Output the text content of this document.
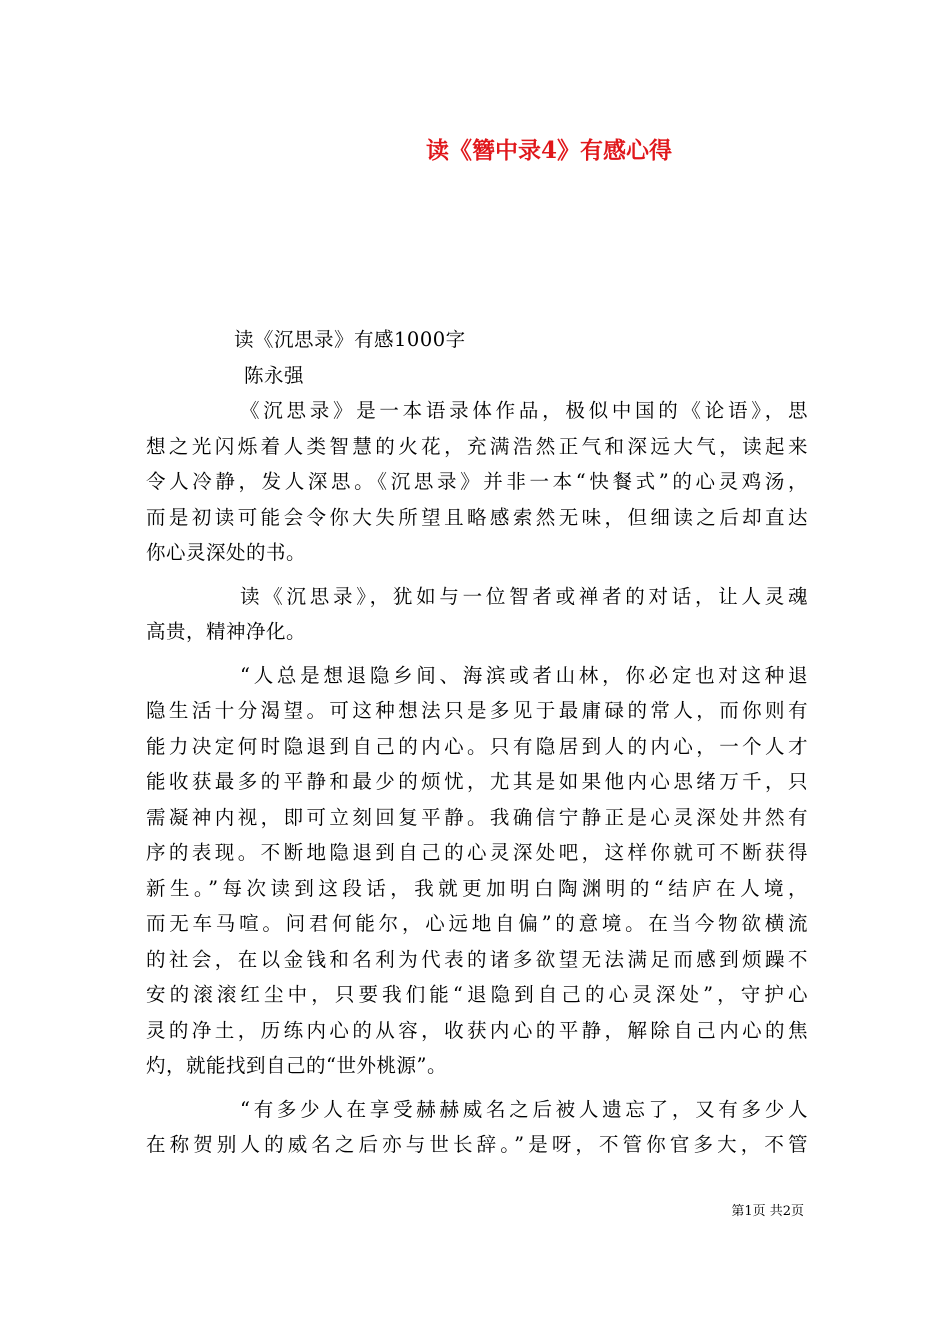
读《簪中录4》有感心得
读《沉思录》有感1000字
陈永强
《沉思录》是一本语录体作品，极似中国的《论语》，思
想之光闪烁着人类智慧的火花，充满浩然正气和深远大气，读起来
令人冷静，发人深思。《沉思录》并非一本“快餐式”的心灵鸡汤，
而是初读可能会令你大失所望且略感索然无味，但细读之后却直达
你心灵深处的书。
读《沉思录》，犹如与一位智者或禅者的对话，让人灵魂
高贵，精神净化。
“人总是想退隐乡间、海滨或者山林，你必定也对这种退
隐生活十分渴望。可这种想法只是多见于最庸碌的常人，而你则有
能力决定何时隐退到自己的内心。只有隐居到人的内心，一个人才
能收获最多的平静和最少的烦忧，尤其是如果他内心思绪万千，只
需凝神内视，即可立刻回复平静。我确信宁静正是心灵深处井然有
序的表现。不断地隐退到自己的心灵深处吧，这样你就可不断获得
新生。”每次读到这段话，我就更加明白陶渊明的“结庐在人境，
而无车马喧。问君何能尔，心远地自偏”的意境。在当今物欲横流
的社会，在以金钱和名利为代表的诸多欲望无法满足而感到烦躁不
安的滚滚红尘中，只要我们能“退隐到自己的心灵深处”，守护心
灵的净土，历练内心的从容，收获内心的平静，解除自己内心的焦
灼，就能找到自己的“世外桃源”。
“有多少人在享受赫赫威名之后被人遗忘了，又有多少人
在称贺别人的威名之后亦与世长辞。”是呀，不管你官多大，不管
第1页 共2页
